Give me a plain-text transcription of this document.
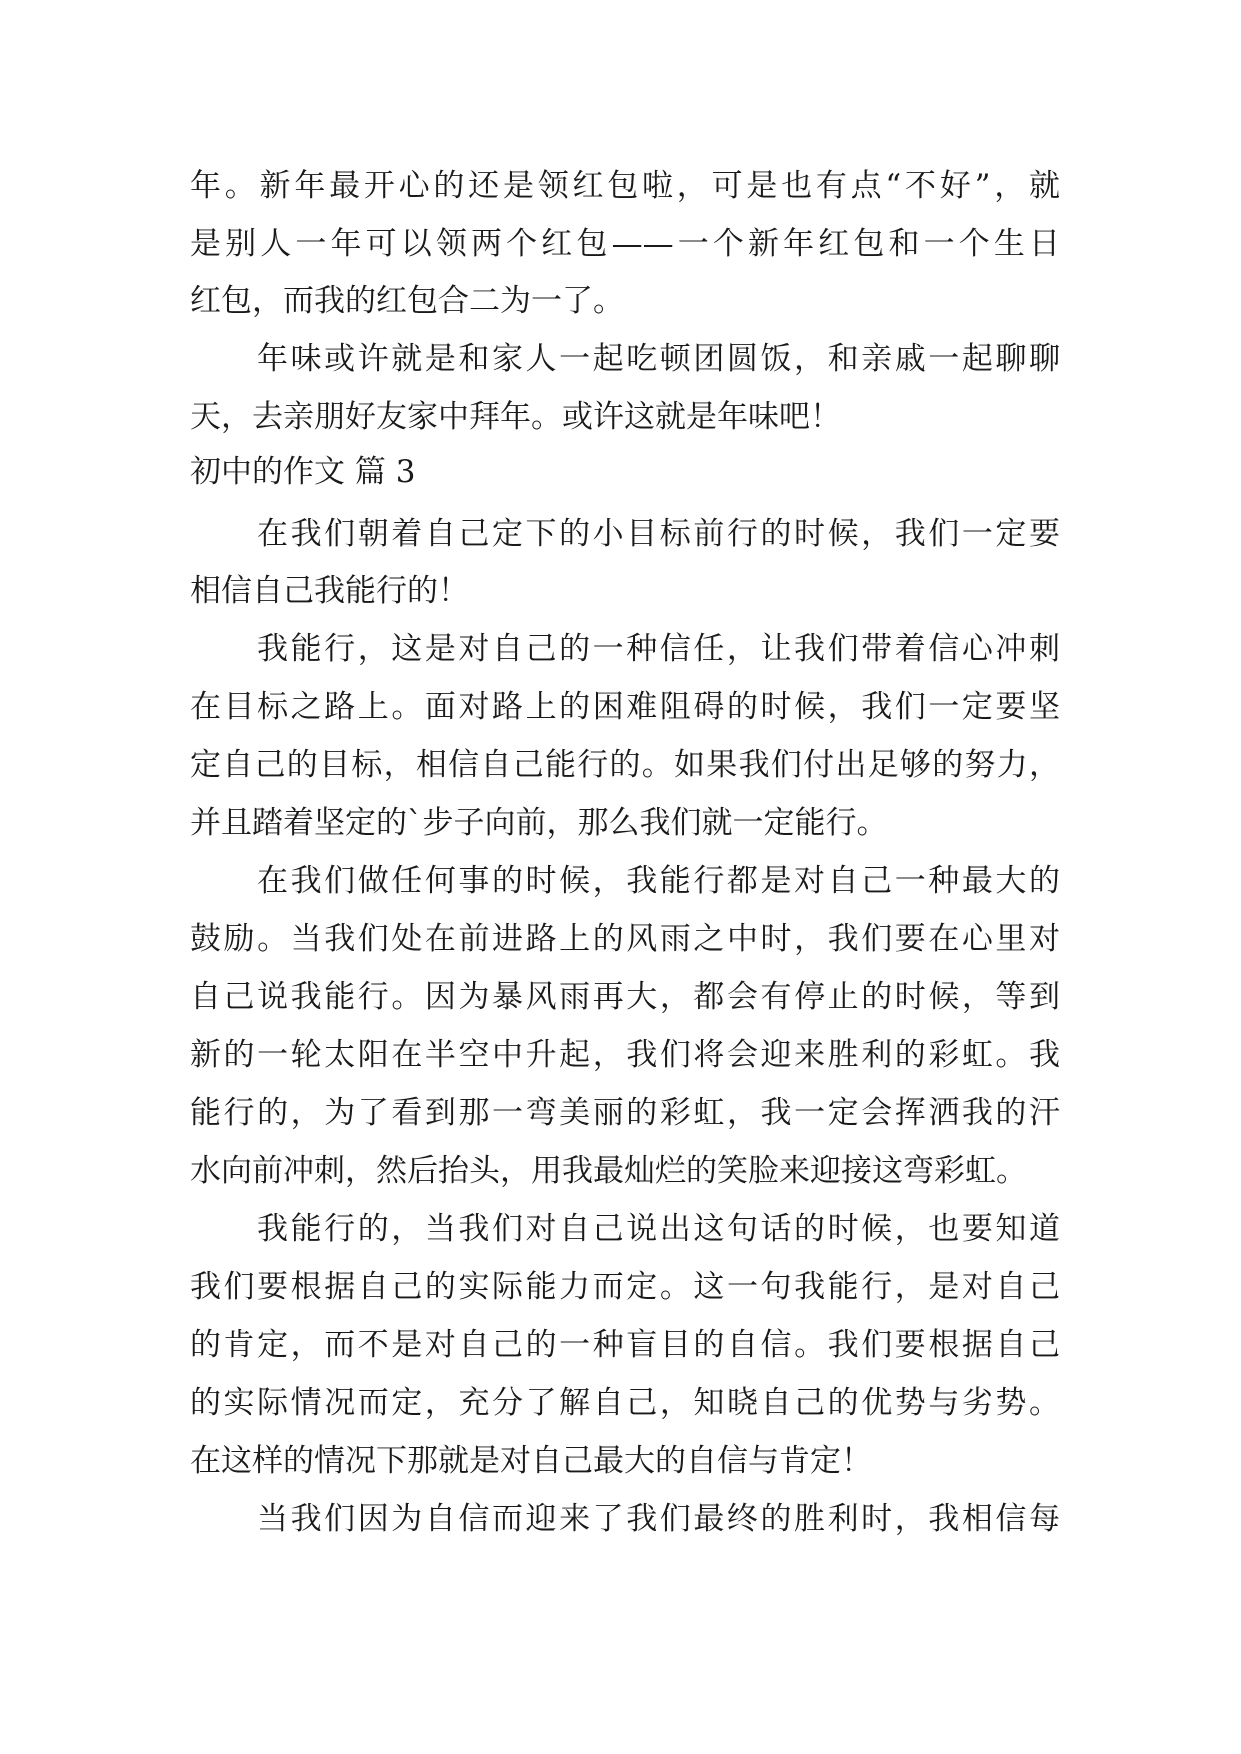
年。新年最开心的还是领红包啦，可是也有点“不好”，就
是别人一年可以领两个红包——一个新年红包和一个生日
红包，而我的红包合二为一了。
年味或许就是和家人一起吃顿团圆饭，和亲戚一起聊聊
天，去亲朋好友家中拜年。或许这就是年味吧！
初中的作文 篇 3
在我们朝着自己定下的小目标前行的时候，我们一定要
相信自己我能行的！
我能行，这是对自己的一种信任，让我们带着信心冲刺
在目标之路上。面对路上的困难阻碍的时候，我们一定要坚
定自己的目标，相信自己能行的。如果我们付出足够的努力，
并且踏着坚定的`步子向前，那么我们就一定能行。
在我们做任何事的时候，我能行都是对自己一种最大的
鼓励。当我们处在前进路上的风雨之中时，我们要在心里对
自己说我能行。因为暴风雨再大，都会有停止的时候，等到
新的一轮太阳在半空中升起，我们将会迎来胜利的彩虹。我
能行的，为了看到那一弯美丽的彩虹，我一定会挥洒我的汗
水向前冲刺，然后抬头，用我最灿烂的笑脸来迎接这弯彩虹。
我能行的，当我们对自己说出这句话的时候，也要知道
我们要根据自己的实际能力而定。这一句我能行，是对自己
的肯定，而不是对自己的一种盲目的自信。我们要根据自己
的实际情况而定，充分了解自己，知晓自己的优势与劣势。
在这样的情况下那就是对自己最大的自信与肯定！
当我们因为自信而迎来了我们最终的胜利时，我相信每
